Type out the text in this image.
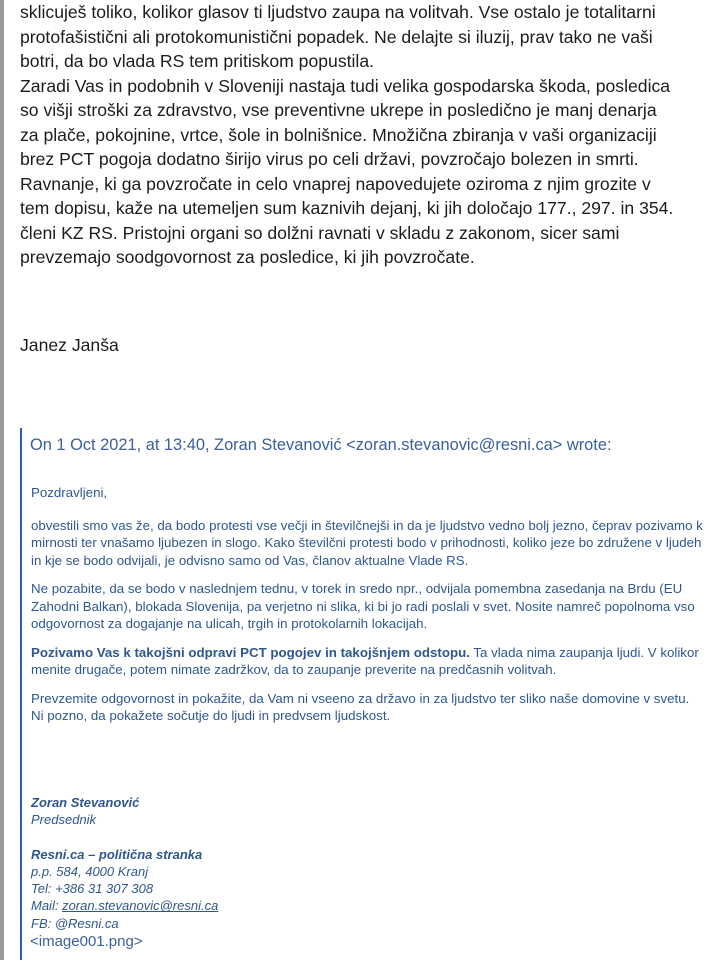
sklicuješ toliko, kolikor glasov ti ljudstvo zaupa na volitvah. Vse ostalo je totalitarni

protofašistični ali protokomunistični popadek. Ne delajte si iluzij, prav tako ne vaši

botri, da bo vlada RS tem pritiskom popustila.

Zaradi Vas in podobnih v Sloveniji nastaja tudi velika gospodarska škoda, posledica

so višji stroški za zdravstvo, vse preventivne ukrepe in posledično je manj denarja

za plače, pokojnine, vrtce, šole in bolnišnice. Množična zbiranja v vaši organizaciji

brez PCT pogoja dodatno širijo virus po celi državi, povzročajo bolezen in smrti.

Ravnanje, ki ga povzročate in celo vnaprej napovedujete oziroma z njim grozite v

tem dopisu, kaže na utemeljen sum kaznivih dejanj, ki jih določajo 177., 297. in 354.

členi KZ RS. Pristojni organi so dolžni ravnati v skladu z zakonom, sicer sami

prevzemajo soodgovornost za posledice, ki jih povzročate.

Janez Janša
On 1 Oct 2021, at 13:40, Zoran Stevanović <zoran.stevanovic@resni.ca> wrote:

Pozdravljeni,

obvestili smo vas že, da bodo protesti vse večji in številčnejši in da je ljudstvo vedno bolj jezno, čeprav pozivamo k mirnosti ter vnašamo ljubezen in slogo. Kako številčni protesti bodo v prihodnosti, koliko jeze bo združene v ljudeh in kje se bodo odvijali, je odvisno samo od Vas, članov aktualne Vlade RS.

Ne pozabite, da se bodo v naslednjem tednu, v torek in sredo npr., odvijala pomembna zasedanja na Brdu (EU Zahodni Balkan), blokada Slovenija, pa verjetno ni slika, ki bi jo radi poslali v svet. Nosite namreč popolnoma vso odgovornost za dogajanje na ulicah, trgih in protokolarnih lokacijah.

Pozivamo Vas k takojšni odpravi PCT pogojev in takojšnjem odstopu. Ta vlada nima zaupanja ljudi. V kolikor menite drugače, potem nimate zadržkov, da to zaupanje preverite na predčasnih volitvah.

Prevzemite odgovornost in pokažite, da Vam ni vseeno za državo in za ljudstvo ter sliko naše domovine v svetu. Ni pozno, da pokažete sočutje do ljudi in predvsem ljudskost.

Zoran Stevanović
Predsednik
Resni.ca – politična stranka
p.p. 584, 4000 Kranj
Tel: +386 31 307 308
Mail: zoran.stevanovic@resni.ca
FB: @Resni.ca
<image001.png>
